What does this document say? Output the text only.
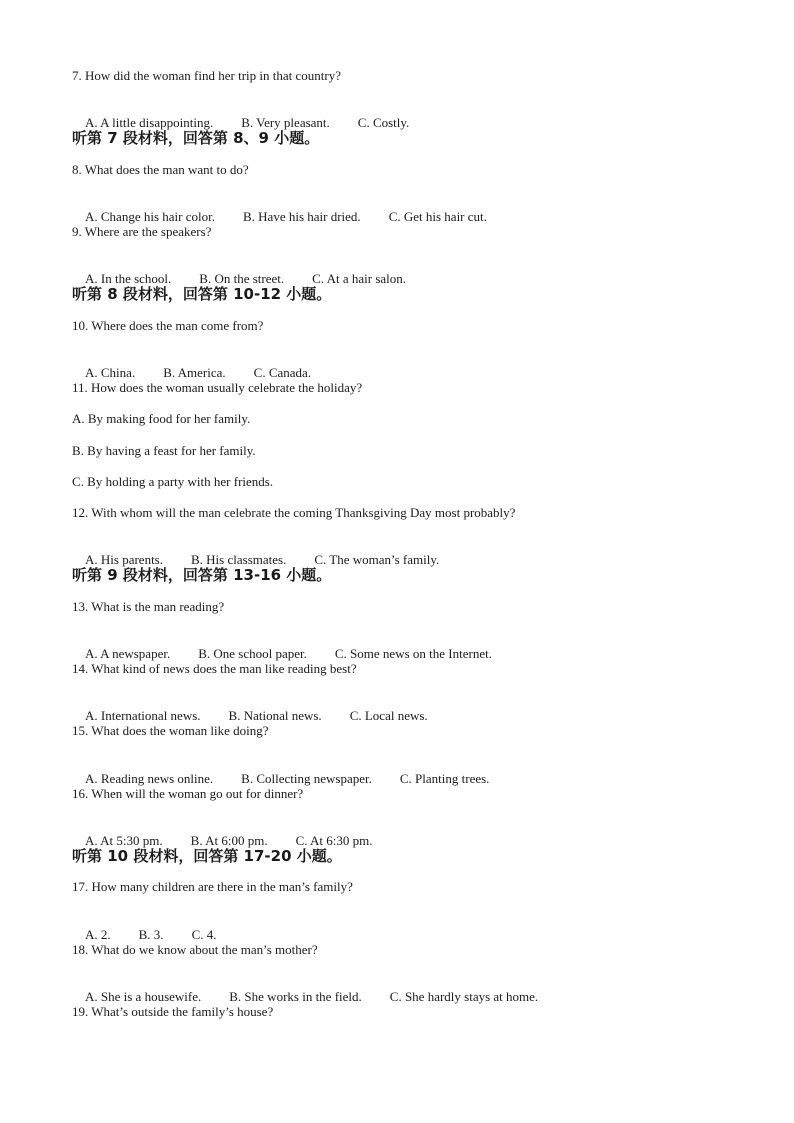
7. How did the woman find her trip in that country?

A. A little disappointing. B. Very pleasant. C. Costly.

听第 7 段材料，回答第 8、9 小题。
8. What does the man want to do?

A. Change his hair color. B. Have his hair dried. C. Get his hair cut.

9. Where are the speakers?

A. In the school. B. On the street. C. At a hair salon.

听第 8 段材料，回答第 10-12 小题。
10. Where does the man come from?

A. China. B. America. C. Canada.

11. How does the woman usually celebrate the holiday?
A. By making food for her family.
B. By having a feast for her family.
C. By holding a party with her friends.
12. With whom will the man celebrate the coming Thanksgiving Day most probably?

A. His parents. B. His classmates. C. The woman’s family.

听第 9 段材料，回答第 13-16 小题。
13. What is the man reading?

A. A newspaper. B. One school paper. C. Some news on the Internet.

14. What kind of news does the man like reading best?

A. International news. B. National news. C. Local news.

15. What does the woman like doing?

A. Reading news online. B. Collecting newspaper. C. Planting trees.

16. When will the woman go out for dinner?

A. At 5:30 pm. B. At 6:00 pm. C. At 6:30 pm.

听第 10 段材料，回答第 17-20 小题。
17. How many children are there in the man’s family?

A. 2. B. 3. C. 4.

18. What do we know about the man’s mother?

A. She is a housewife. B. She works in the field. C. She hardly stays at home.

19. What’s outside the family’s house?
